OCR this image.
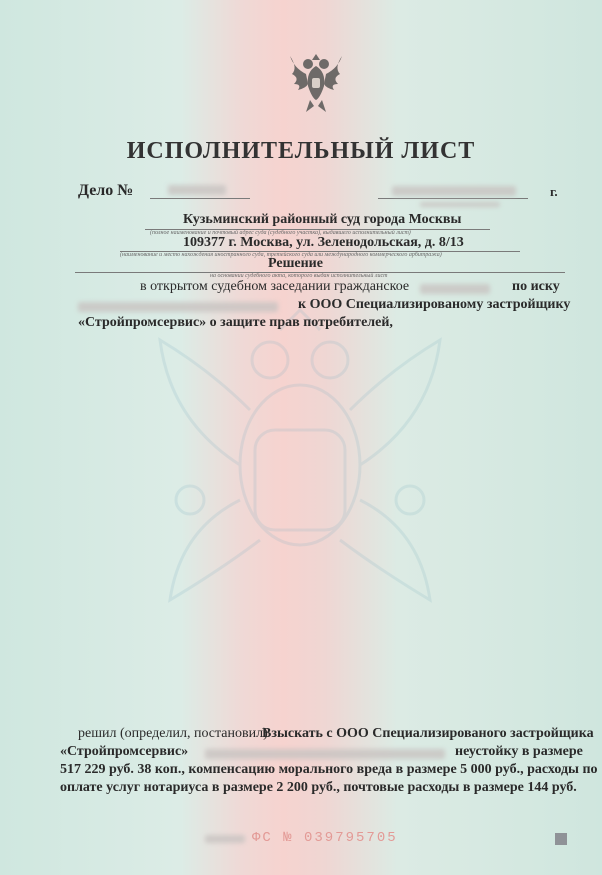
ИСПОЛНИТЕЛЬНЫЙ ЛИСТ
Дело №	г.
Кузьминский районный суд города Москвы
(полное наименование и почтовый адрес суда (судебного участка), выдавшего исполнительный лист)
109377 г. Москва, ул. Зеленодольская, д. 8/13
(наименование и место нахождения иностранного суда, третейского суда или международного коммерческого арбитража)
Решение
на основании судебного акта, которого выдан исполнительный лист
в открытом судебном заседании гражданское	по иску
к ООО Специализированому застройщику
«Стройпромсервис» о защите прав потребителей,
решил (определил, постановил)
Взыскать с ООО Специализированого застройщика
«Стройпромсервис»	неустойку в размере
517 229 руб. 38 коп., компенсацию морального вреда в размере 5 000 руб., расходы по
оплате услуг нотариуса в размере 2 200 руб., почтовые расходы в размере 144 руб.
ФС № 039795705
